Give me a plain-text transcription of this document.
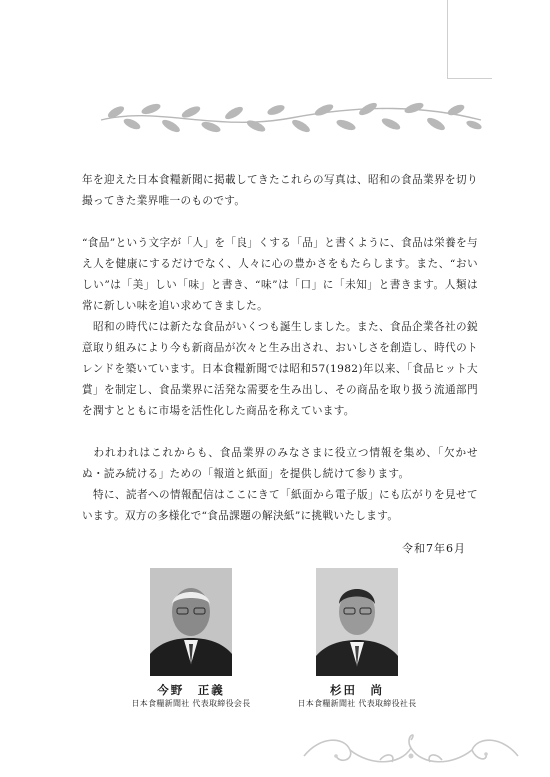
年を迎えた日本食糧新聞に掲載してきたこれらの写真は、昭和の食品業界を切り撮ってきた業界唯一のものです。

“食品”という文字が「人」を「良」くする「品」と書くように、食品は栄養を与え人を健康にするだけでなく、人々に心の豊かさをもたらします。また、“おいしい”は「美」しい「味」と書き、“味”は「口」に「未知」と書きます。人類は常に新しい味を追い求めてきました。

　昭和の時代には新たな食品がいくつも誕生しました。また、食品企業各社の鋭意取り組みにより今も新商品が次々と生み出され、おいしさを創造し、時代のトレンドを築いています。日本食糧新聞では昭和57(1982)年以来、「食品ヒット大賞」を制定し、食品業界に活発な需要を生み出し、その商品を取り扱う流通部門を潤すとともに市場を活性化した商品を称えています。

　われわれはこれからも、食品業界のみなさまに役立つ情報を集め、「欠かせぬ・読み続ける」ための「報道と紙面」を提供し続けて参ります。

　特に、読者への情報配信はここにきて「紙面から電子版」にも広がりを見せています。双方の多様化で“食品課題の解決紙”に挑戦いたします。

令和7年6月
今野　正義
日本食糧新聞社 代表取締役会長
杉田　尚
日本食糧新聞社 代表取締役社長
